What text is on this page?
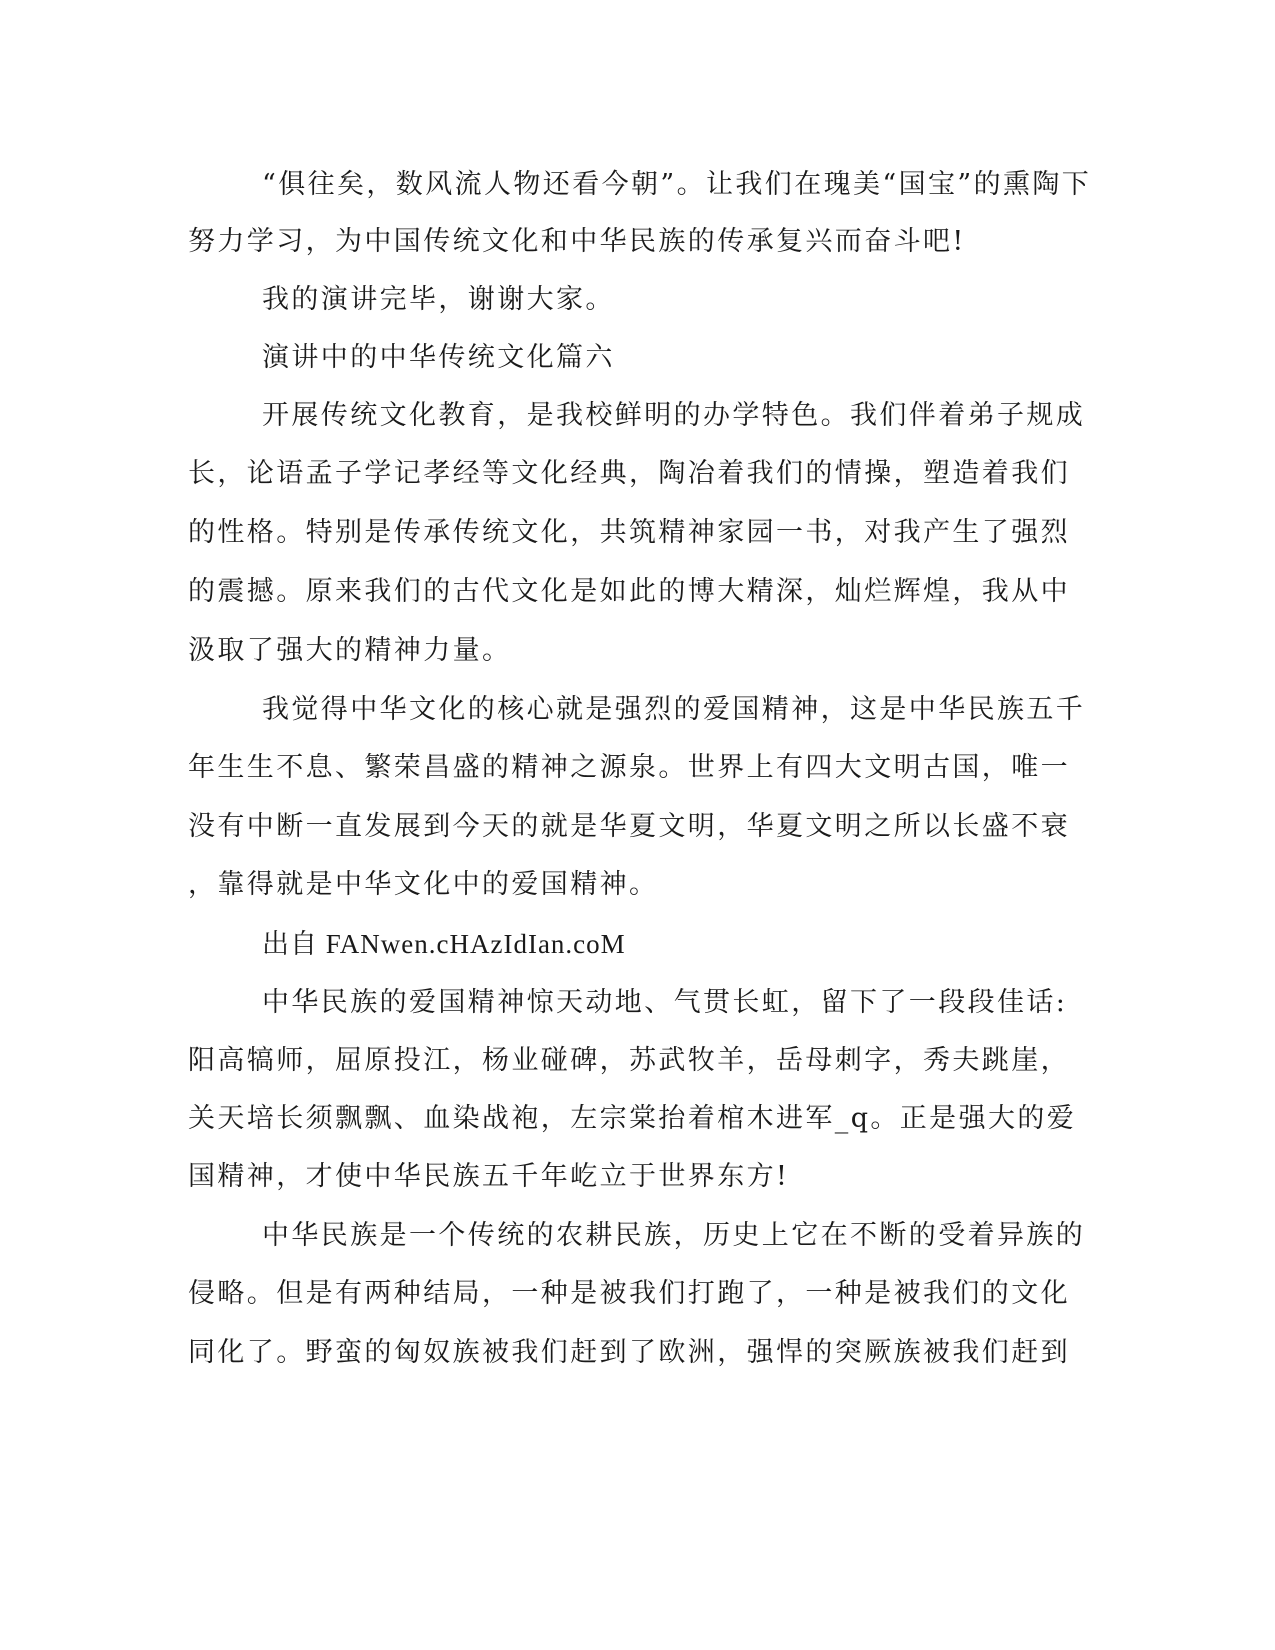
“俱往矣，数风流人物还看今朝”。让我们在瑰美“国宝”的熏陶下
努力学习，为中国传统文化和中华民族的传承复兴而奋斗吧!
我的演讲完毕，谢谢大家。
演讲中的中华传统文化篇六
开展传统文化教育，是我校鲜明的办学特色。我们伴着弟子规成
长，论语孟子学记孝经等文化经典，陶冶着我们的情操，塑造着我们
的性格。特别是传承传统文化，共筑精神家园一书，对我产生了强烈
的震撼。原来我们的古代文化是如此的博大精深，灿烂辉煌，我从中
汲取了强大的精神力量。
我觉得中华文化的核心就是强烈的爱国精神，这是中华民族五千
年生生不息、繁荣昌盛的精神之源泉。世界上有四大文明古国，唯一
没有中断一直发展到今天的就是华夏文明，华夏文明之所以长盛不衰
，靠得就是中华文化中的爱国精神。
出自 FANwen.cHAzIdIan.coM
中华民族的爱国精神惊天动地、气贯长虹，留下了一段段佳话:
阳高犒师，屈原投江，杨业碰碑，苏武牧羊，岳母刺字，秀夫跳崖，
关天培长须飘飘、血染战袍，左宗棠抬着棺木进军_q。正是强大的爱
国精神，才使中华民族五千年屹立于世界东方!
中华民族是一个传统的农耕民族，历史上它在不断的受着异族的
侵略。但是有两种结局，一种是被我们打跑了，一种是被我们的文化
同化了。野蛮的匈奴族被我们赶到了欧洲，强悍的突厥族被我们赶到
